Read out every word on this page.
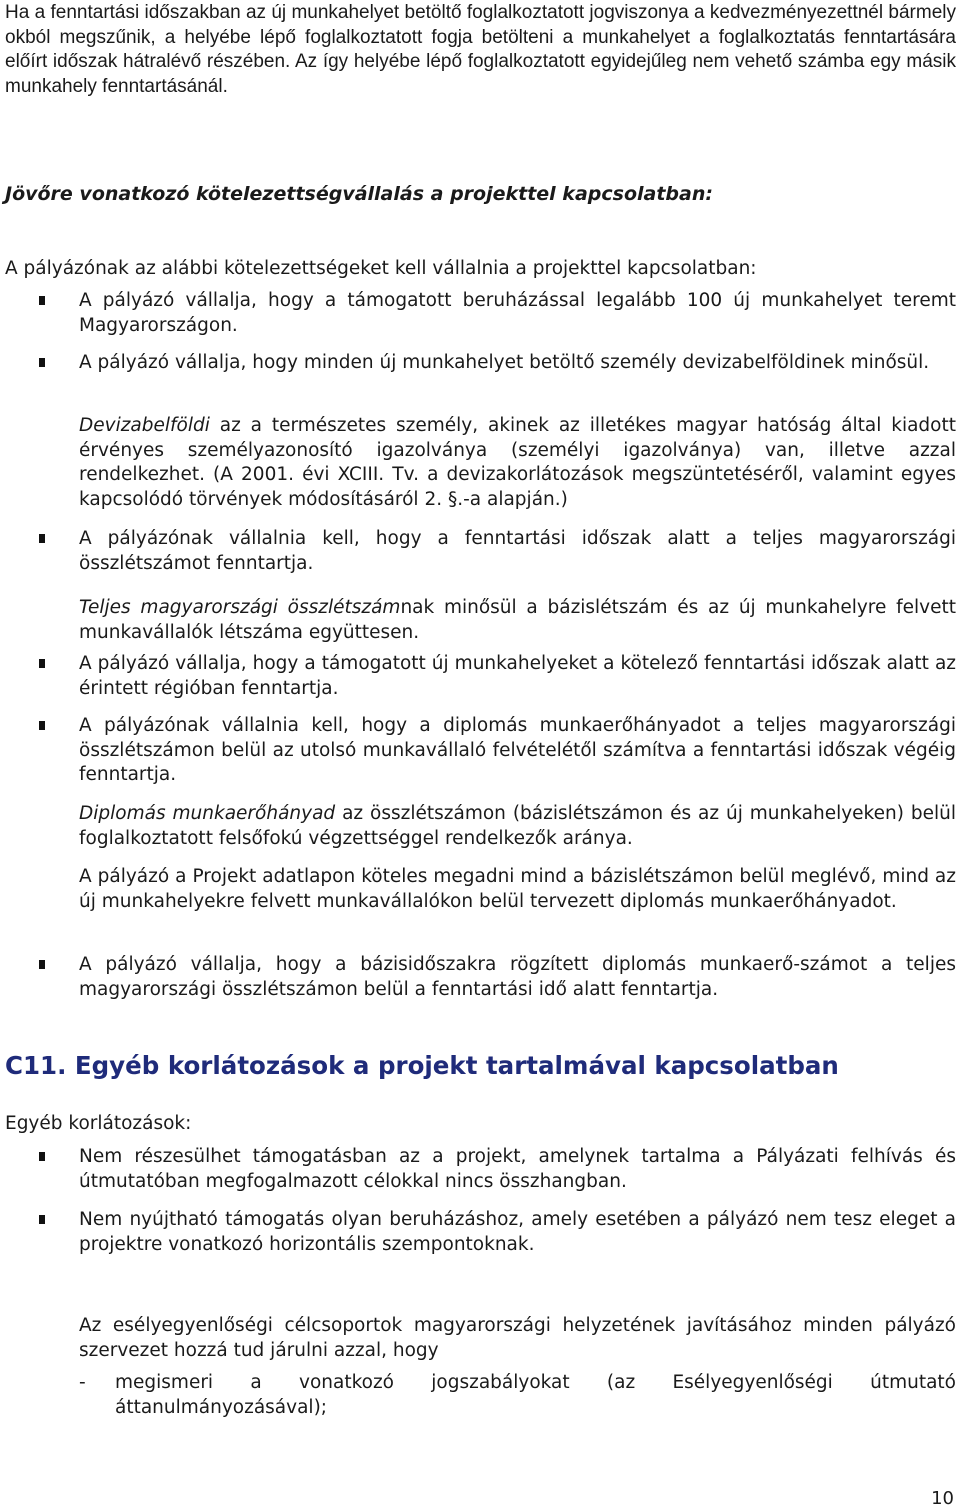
Ha a fenntartási időszakban az új munkahelyet betöltő foglalkoztatott jogviszonya a kedvezményezettnél bármely okból megszűnik, a helyébe lépő foglalkoztatott fogja betölteni a munkahelyet a foglalkoztatás fenntartására előírt időszak hátralévő részében. Az így helyébe lépő foglalkoztatott egyidejűleg nem vehető számba egy másik munkahely fenntartásánál.

Jövőre vonatkozó kötelezettségvállalás a projekttel kapcsolatban:

A pályázónak az alábbi kötelezettségeket kell vállalnia a projekttel kapcsolatban:

A pályázó vállalja, hogy a támogatott beruházással legalább 100 új munkahelyet teremt Magyarországon.

A pályázó vállalja, hogy minden új munkahelyet betöltő személy devizabelföldinek minősül.

Devizabelföldi az a természetes személy, akinek az illetékes magyar hatóság által kiadott érvényes személyazonosító igazolványa (személyi igazolványa) van, illetve azzal rendelkezhet. (A 2001. évi XCIII. Tv. a devizakorlátozások megszüntetéséről, valamint egyes kapcsolódó törvények módosításáról 2. §.-a alapján.)

A pályázónak vállalnia kell, hogy a fenntartási időszak alatt a teljes magyarországi összlétszámot fenntartja.

Teljes magyarországi összlétszámnak minősül a bázislétszám és az új munkahelyre felvett munkavállalók létszáma együttesen.

A pályázó vállalja, hogy a támogatott új munkahelyeket a kötelező fenntartási időszak alatt az érintett régióban fenntartja.

A pályázónak vállalnia kell, hogy a diplomás munkaerőhányadot a teljes magyarországi összlétszámon belül az utolsó munkavállaló felvételétől számítva a fenntartási időszak végéig fenntartja.

Diplomás munkaerőhányad az összlétszámon (bázislétszámon és az új munkahelyeken) belül foglalkoztatott felsőfokú végzettséggel rendelkezők aránya.

A pályázó a Projekt adatlapon köteles megadni mind a bázislétszámon belül meglévő, mind az új munkahelyekre felvett munkavállalókon belül tervezett diplomás munkaerőhányadot.

A pályázó vállalja, hogy a bázisidőszakra rögzített diplomás munkaerő-számot a teljes magyarországi összlétszámon belül a fenntartási idő alatt fenntartja.

C11. Egyéb korlátozások a projekt tartalmával kapcsolatban

Egyéb korlátozások:

Nem részesülhet támogatásban az a projekt, amelynek tartalma a Pályázati felhívás és útmutatóban megfogalmazott célokkal nincs összhangban.

Nem nyújtható támogatás olyan beruházáshoz, amely esetében a pályázó nem tesz eleget a projektre vonatkozó horizontális szempontoknak.

Az esélyegyenlőségi célcsoportok magyarországi helyzetének javításához minden pályázó szervezet hozzá tud járulni azzal, hogy

- megismeri a vonatkozó jogszabályokat (az Esélyegyenlőségi útmutató áttanulmányozásával);

10
